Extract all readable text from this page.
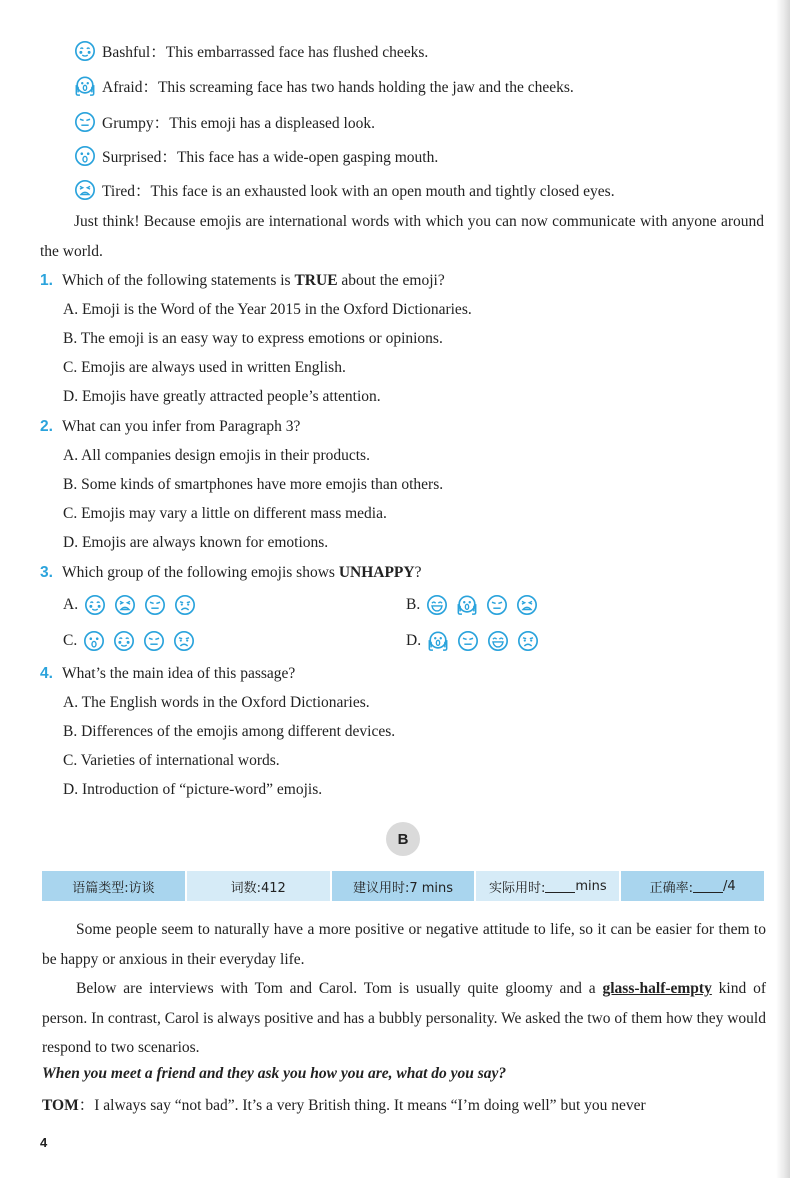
Bashful：This embarrassed face has flushed cheeks.
Afraid：This screaming face has two hands holding the jaw and the cheeks.
Grumpy：This emoji has a displeased look.
Surprised：This face has a wide-open gasping mouth.
Tired：This face is an exhausted look with an open mouth and tightly closed eyes.
Just think! Because emojis are international words with which you can now communicate with anyone around the world.
1. Which of the following statements is TRUE about the emoji?
A. Emoji is the Word of the Year 2015 in the Oxford Dictionaries.
B. The emoji is an easy way to express emotions or opinions.
C. Emojis are always used in written English.
D. Emojis have greatly attracted people’s attention.
2. What can you infer from Paragraph 3?
A. All companies design emojis in their products.
B. Some kinds of smartphones have more emojis than others.
C. Emojis may vary a little on different mass media.
D. Emojis are always known for emotions.
3. Which group of the following emojis shows UNHAPPY?
A.	B.
C.	D.
4. What’s the main idea of this passage?
A. The English words in the Oxford Dictionaries.
B. Differences of the emojis among different devices.
C. Varieties of international words.
D. Introduction of “picture-word” emojis.
B
语篇类型:访谈	词数:412	建议用时:7 mins	实际用时: mins	正确率: /4
Some people seem to naturally have a more positive or negative attitude to life, so it can be easier for them to be happy or anxious in their everyday life.
Below are interviews with Tom and Carol. Tom is usually quite gloomy and a glass-half-empty kind of person. In contrast, Carol is always positive and has a bubbly personality. We asked the two of them how they would respond to two scenarios.
When you meet a friend and they ask you how you are, what do you say?
TOM：I always say “not bad”. It’s a very British thing. It means “I’m doing well” but you never
4
